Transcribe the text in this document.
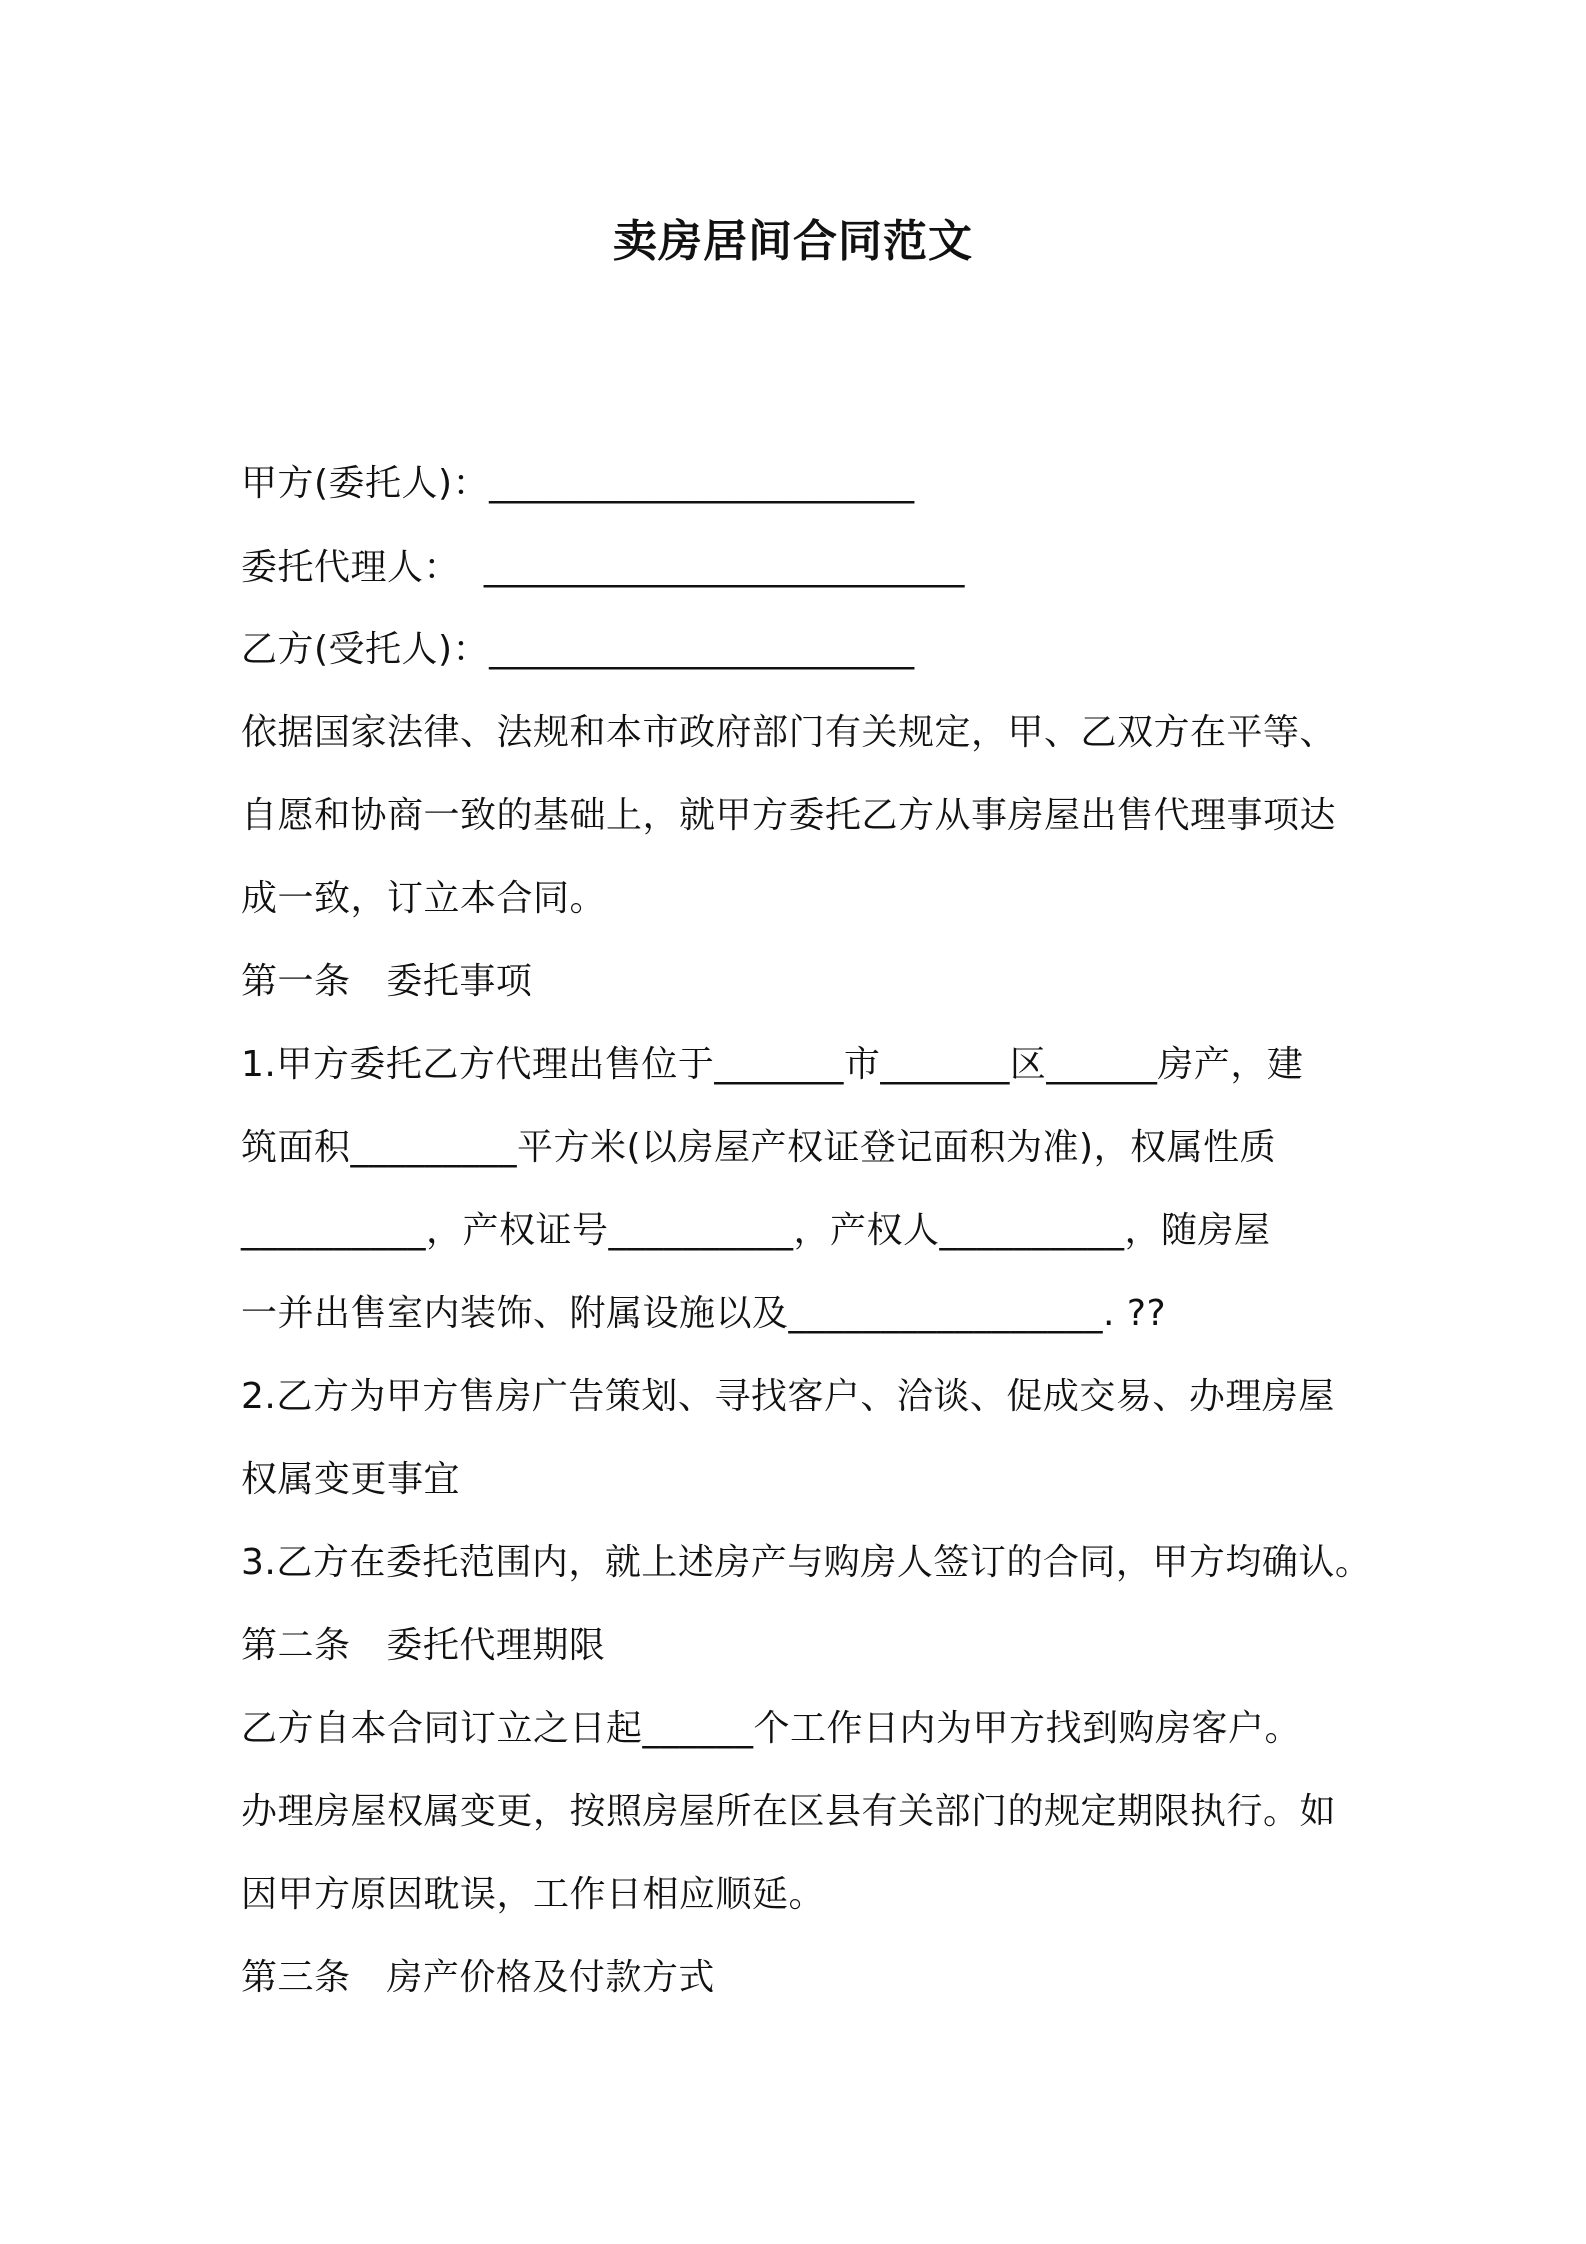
卖房居间合同范文
甲方(委托人)：_______________________
委托代理人：  __________________________
乙方(受托人)：_______________________
依据国家法律、法规和本市政府部门有关规定，甲、乙双方在平等、
自愿和协商一致的基础上，就甲方委托乙方从事房屋出售代理事项达
成一致，订立本合同。
第一条   委托事项
1.甲方委托乙方代理出售位于_______市_______区______房产，建
筑面积_________平方米(以房屋产权证登记面积为准)，权属性质
__________，产权证号__________，产权人__________，随房屋
一并出售室内装饰、附属设施以及_________________. ??
2.乙方为甲方售房广告策划、寻找客户、洽谈、促成交易、办理房屋
权属变更事宜
3.乙方在委托范围内，就上述房产与购房人签订的合同，甲方均确认。
第二条   委托代理期限
乙方自本合同订立之日起______个工作日内为甲方找到购房客户。
办理房屋权属变更，按照房屋所在区县有关部门的规定期限执行。如
因甲方原因耽误，工作日相应顺延。
第三条   房产价格及付款方式
